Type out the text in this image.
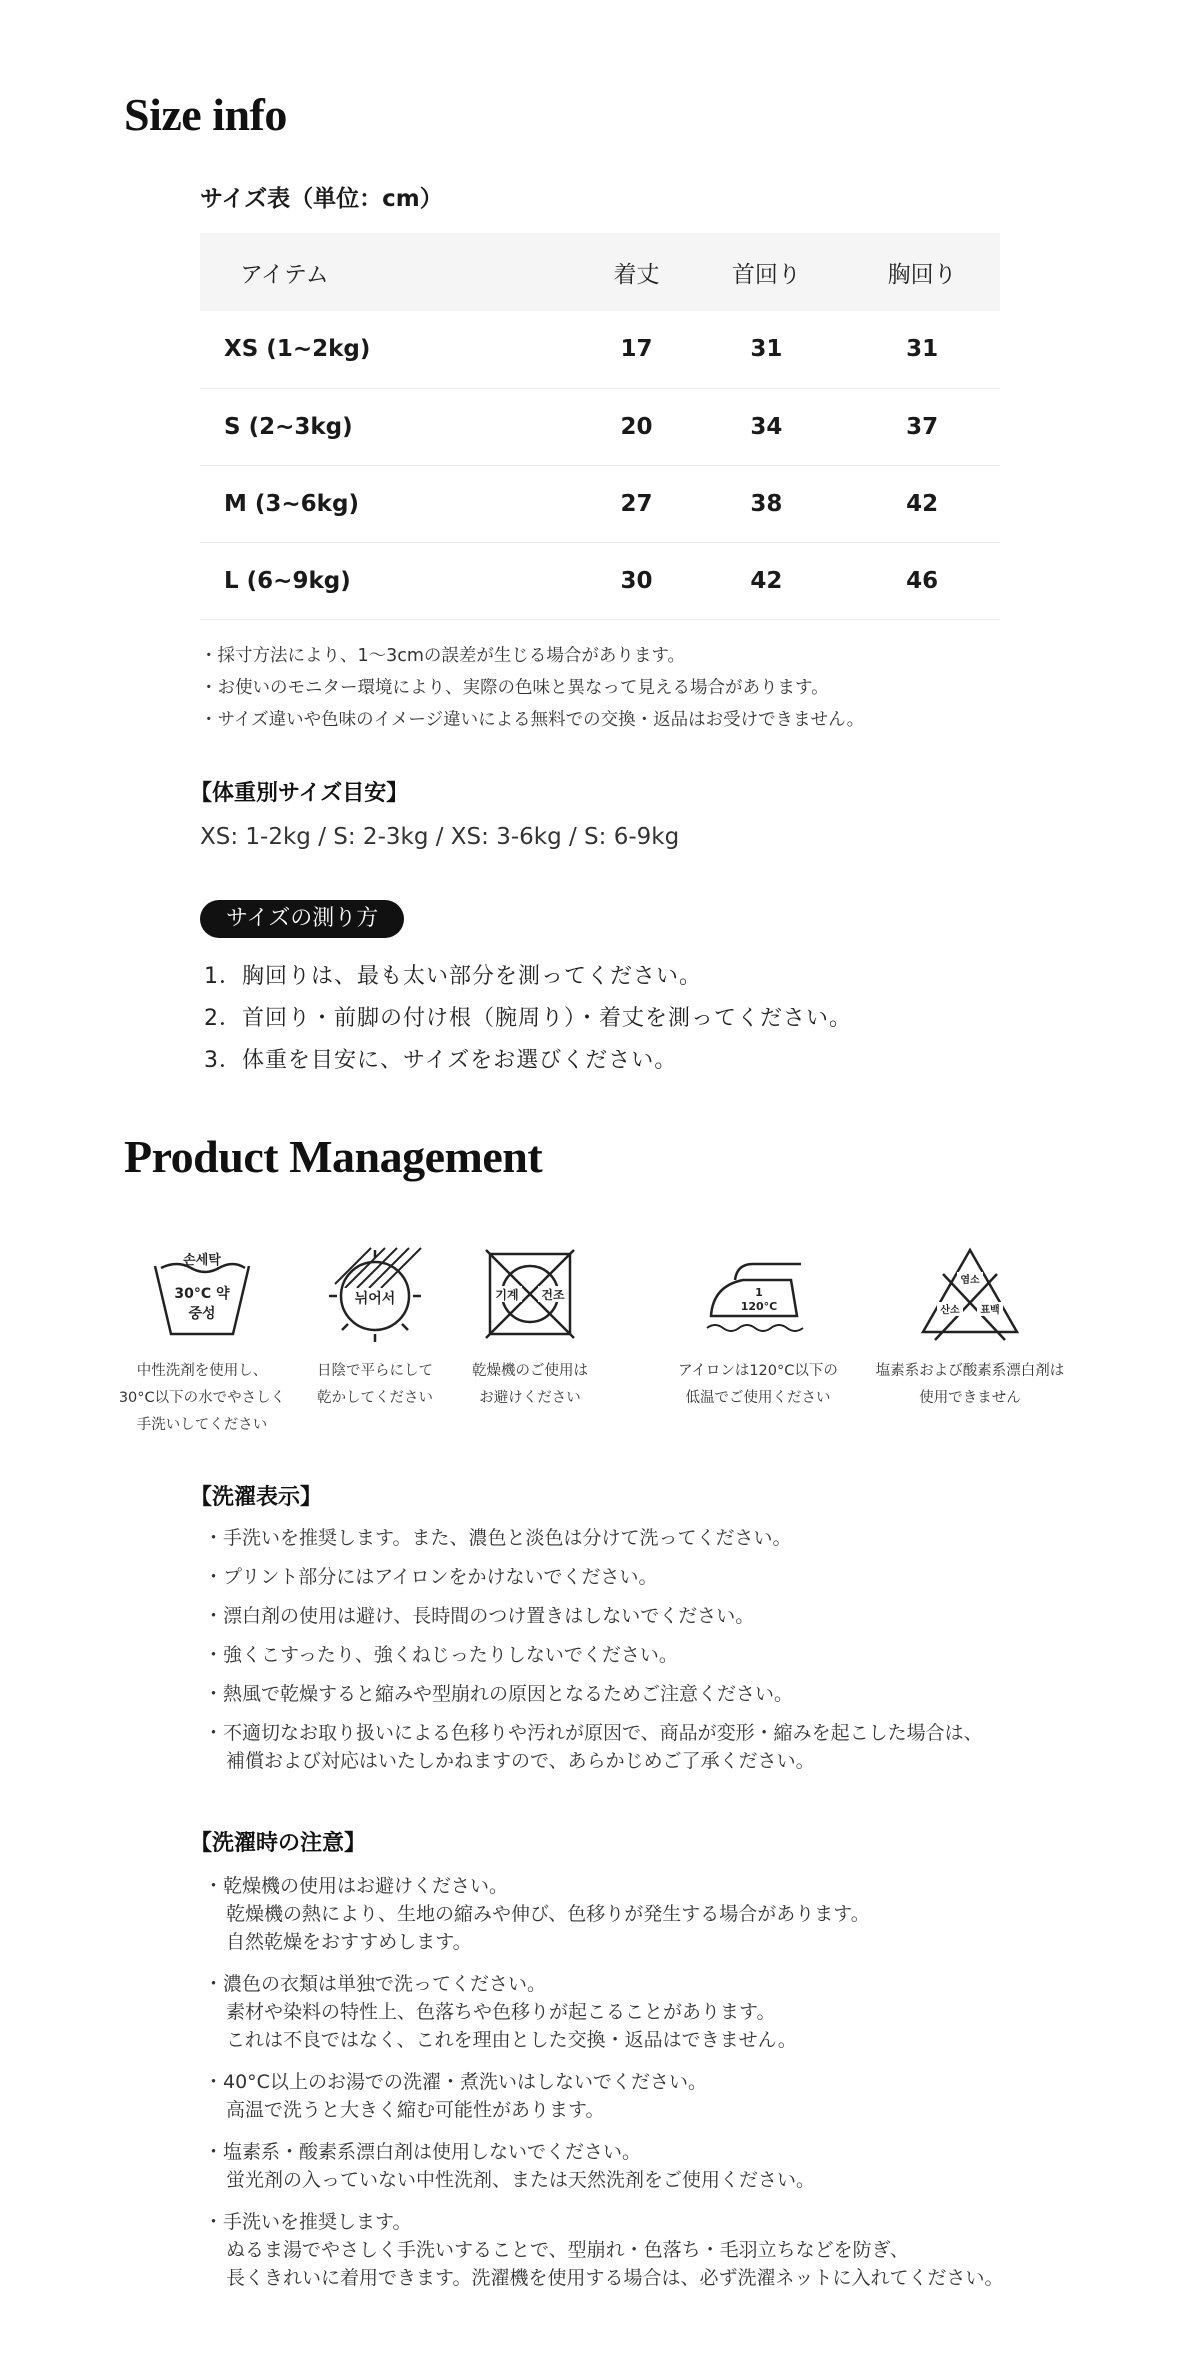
Size info
サイズ表（単位：cm）
アイテム	着丈	首回り	胸回り
XS (1~2kg)	17	31	31
S (2~3kg)	20	34	37
M (3~6kg)	27	38	42
L (6~9kg)	30	42	46
・採寸方法により、1〜3cmの誤差が生じる場合があります。
・お使いのモニター環境により、実際の色味と異なって見える場合があります。
・サイズ違いや色味のイメージ違いによる無料での交換・返品はお受けできません。
【体重別サイズ目安】
XS: 1-2kg / S: 2-3kg / XS: 3-6kg / S: 6-9kg
サイズの測り方
1．胸回りは、最も太い部分を測ってください。
2．首回り・前脚の付け根（腕周り）・着丈を測ってください。
3．体重を目安に、サイズをお選びください。
Product Management
손세탁
30°C 약
중성
中性洗剤を使用し、
30°C以下の水でやさしく
手洗いしてください
뉘어서
日陰で平らにして
乾かしてください
기계 건조
乾燥機のご使用は
お避けください
1
120°C
アイロンは120°C以下の
低温でご使用ください
염소
산소 표백
塩素系および酸素系漂白剤は
使用できません
【洗濯表示】
・手洗いを推奨します。また、濃色と淡色は分けて洗ってください。
・プリント部分にはアイロンをかけないでください。
・漂白剤の使用は避け、長時間のつけ置きはしないでください。
・強くこすったり、強くねじったりしないでください。
・熱風で乾燥すると縮みや型崩れの原因となるためご注意ください。
・不適切なお取り扱いによる色移りや汚れが原因で、商品が変形・縮みを起こした場合は、
補償および対応はいたしかねますので、あらかじめご了承ください。
【洗濯時の注意】
・乾燥機の使用はお避けください。
乾燥機の熱により、生地の縮みや伸び、色移りが発生する場合があります。
自然乾燥をおすすめします。
・濃色の衣類は単独で洗ってください。
素材や染料の特性上、色落ちや色移りが起こることがあります。
これは不良ではなく、これを理由とした交換・返品はできません。
・40°C以上のお湯での洗濯・煮洗いはしないでください。
高温で洗うと大きく縮む可能性があります。
・塩素系・酸素系漂白剤は使用しないでください。
蛍光剤の入っていない中性洗剤、または天然洗剤をご使用ください。
・手洗いを推奨します。
ぬるま湯でやさしく手洗いすることで、型崩れ・色落ち・毛羽立ちなどを防ぎ、
長くきれいに着用できます。洗濯機を使用する場合は、必ず洗濯ネットに入れてください。
